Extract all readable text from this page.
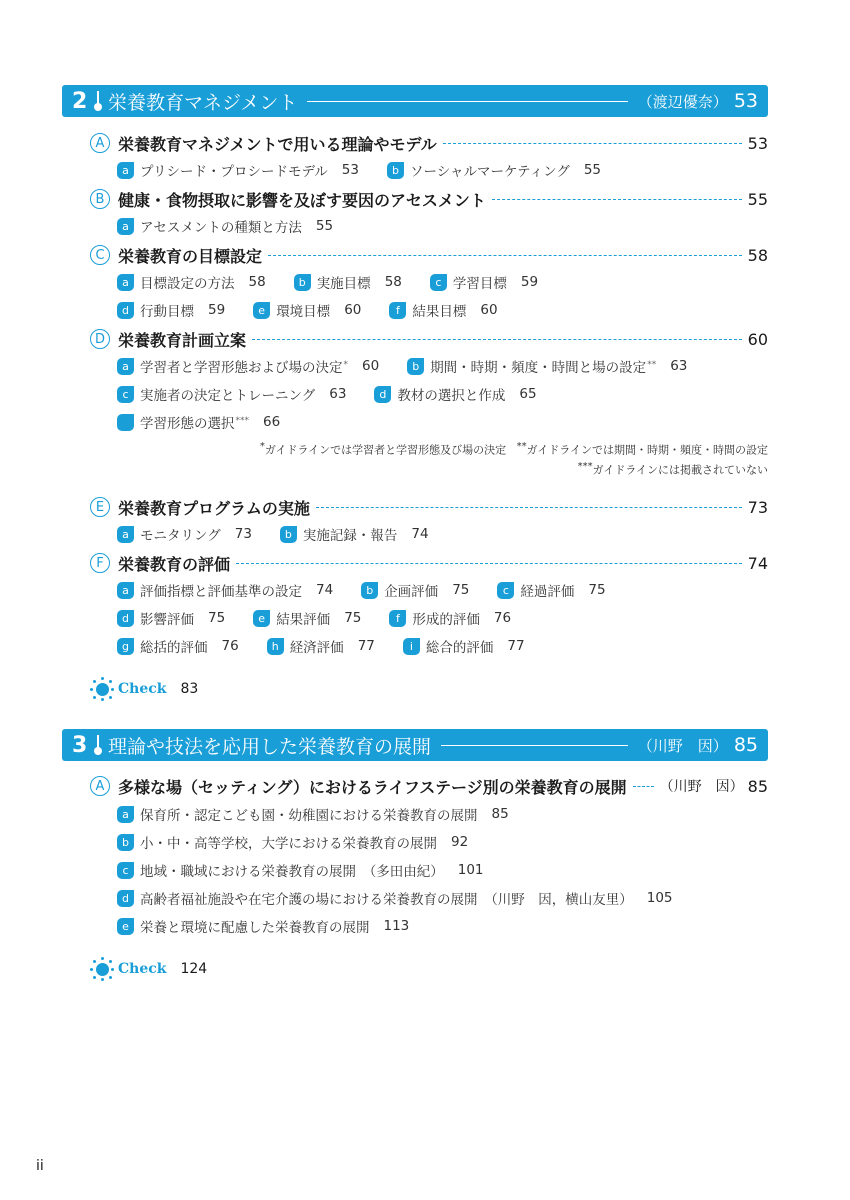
2	栄養教育マネジメント	（渡辺優奈） 53
A 栄養教育マネジメントで用いる理論やモデル	53
a プリシード・プロシードモデル 53	b ソーシャルマーケティング 55
B 健康・食物摂取に影響を及ぼす要因のアセスメント	55
a アセスメントの種類と方法 55
C 栄養教育の目標設定	58
a 目標設定の方法 58	b 実施目標 58	c 学習目標 59
d 行動目標 59	e 環境目標 60	f 結果目標 60
D 栄養教育計画立案	60
a 学習者と学習形態および場の決定* 60	b 期間・時期・頻度・時間と場の設定** 63
c 実施者の決定とトレーニング 63	d 教材の選択と作成 65
学習形態の選択*** 66
*ガイドラインでは学習者と学習形態及び場の決定 **ガイドラインでは期間・時期・頻度・時間の設定
***ガイドラインには掲載されていない
E 栄養教育プログラムの実施	73
a モニタリング 73	b 実施記録・報告 74
F 栄養教育の評価	74
a 評価指標と評価基準の設定 74	b 企画評価 75	c 経過評価 75
d 影響評価 75	e 結果評価 75	f 形成的評価 76
g 総括的評価 76	h 経済評価 77	i 総合的評価 77
Check 83
3	理論や技法を応用した栄養教育の展開	（川野　因） 85
A 多様な場（セッティング）におけるライフステージ別の栄養教育の展開 （川野　因） 85
a 保育所・認定こども園・幼稚園における栄養教育の展開 85
b 小・中・高等学校，大学における栄養教育の展開 92
c 地域・職域における栄養教育の展開　（多田由紀） 101
d 高齢者福祉施設や在宅介護の場における栄養教育の展開　（川野　因，横山友里） 105
e 栄養と環境に配慮した栄養教育の展開 113
Check 124
ii
